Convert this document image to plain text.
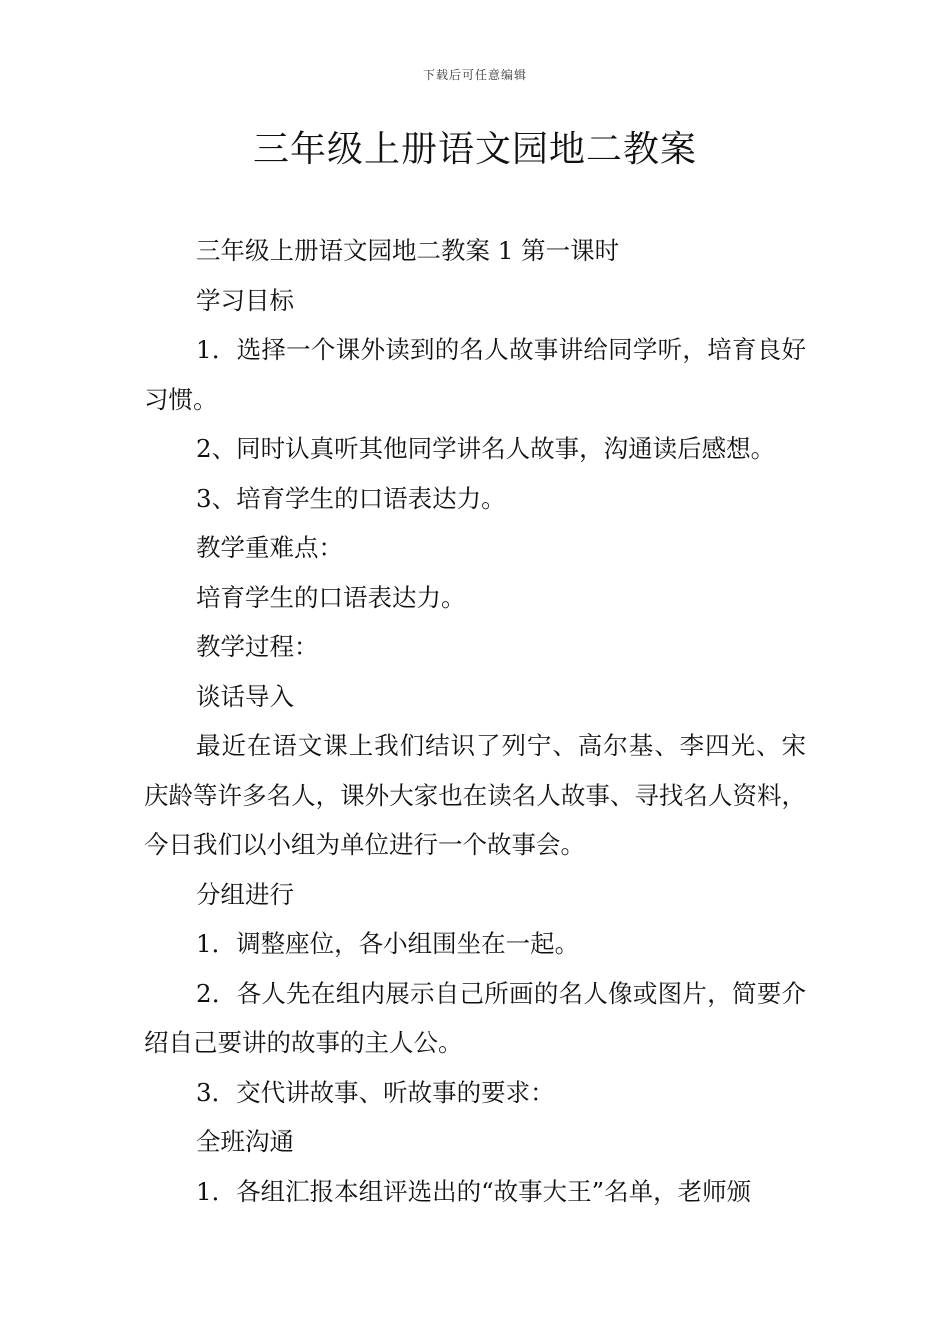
下载后可任意编辑
三年级上册语文园地二教案

三年级上册语文园地二教案 1 第一课时

学习目标

1．选择一个课外读到的名人故事讲给同学听，培育良好习惯。

2、同时认真听其他同学讲名人故事，沟通读后感想。

3、培育学生的口语表达力。

教学重难点：

培育学生的口语表达力。

教学过程：

谈话导入

最近在语文课上我们结识了列宁、高尔基、李四光、宋庆龄等许多名人，课外大家也在读名人故事、寻找名人资料，今日我们以小组为单位进行一个故事会。

分组进行

1．调整座位，各小组围坐在一起。

2．各人先在组内展示自己所画的名人像或图片，简要介绍自己要讲的故事的主人公。

3．交代讲故事、听故事的要求：

全班沟通

1．各组汇报本组评选出的“故事大王”名单，老师颁
